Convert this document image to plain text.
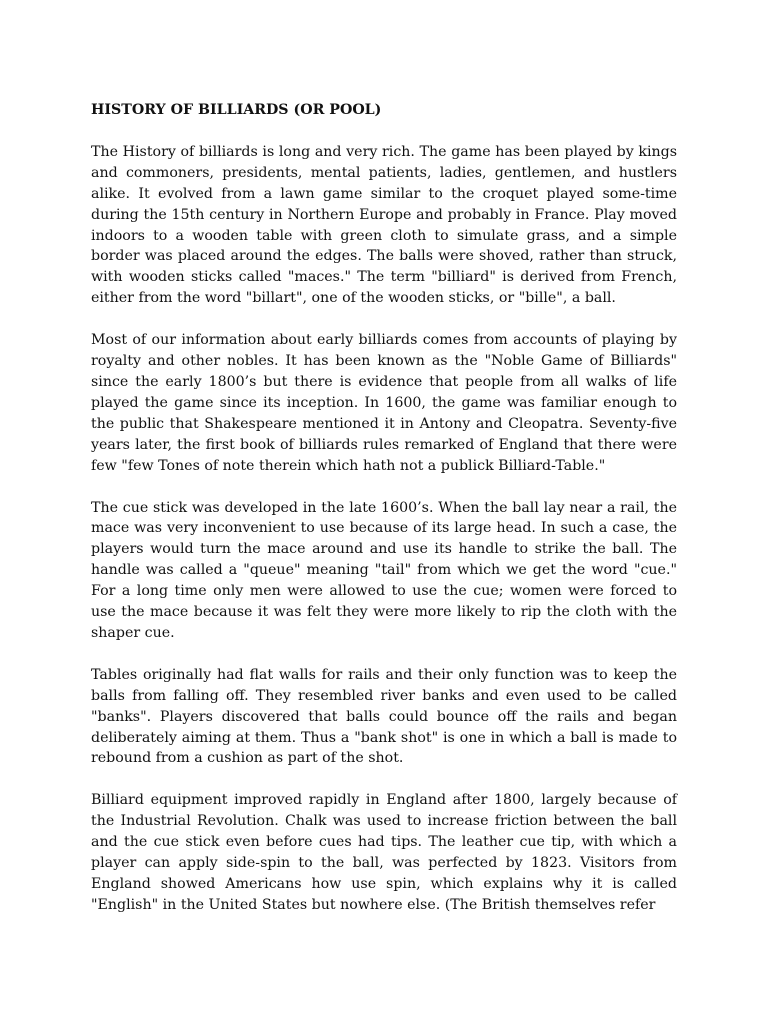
HISTORY OF BILLIARDS (OR POOL)

The History of billiards is long and very rich. The game has been played by kings and commoners, presidents, mental patients, ladies, gentlemen, and hustlers alike. It evolved from a lawn game similar to the croquet played some-time during the 15th century in Northern Europe and probably in France. Play moved indoors to a wooden table with green cloth to simulate grass, and a simple border was placed around the edges. The balls were shoved, rather than struck, with wooden sticks called "maces." The term "billiard" is derived from French, either from the word "billart", one of the wooden sticks, or "bille", a ball.

Most of our information about early billiards comes from accounts of playing by royalty and other nobles. It has been known as the "Noble Game of Billiards" since the early 1800’s but there is evidence that people from all walks of life played the game since its inception. In 1600, the game was familiar enough to the public that Shakespeare mentioned it in Antony and Cleopatra. Seventy-five years later, the first book of billiards rules remarked of England that there were few "few Tones of note therein which hath not a publick Billiard-Table."

The cue stick was developed in the late 1600’s. When the ball lay near a rail, the mace was very inconvenient to use because of its large head. In such a case, the players would turn the mace around and use its handle to strike the ball. The handle was called a "queue" meaning "tail" from which we get the word "cue." For a long time only men were allowed to use the cue; women were forced to use the mace because it was felt they were more likely to rip the cloth with the shaper cue.

Tables originally had flat walls for rails and their only function was to keep the balls from falling off. They resembled river banks and even used to be called "banks". Players discovered that balls could bounce off the rails and began deliberately aiming at them. Thus a "bank shot" is one in which a ball is made to rebound from a cushion as part of the shot.

Billiard equipment improved rapidly in England after 1800, largely because of the Industrial Revolution. Chalk was used to increase friction between the ball and the cue stick even before cues had tips. The leather cue tip, with which a player can apply side-spin to the ball, was perfected by 1823. Visitors from England showed Americans how use spin, which explains why it is called "English" in the United States but nowhere else. (The British themselves refer
